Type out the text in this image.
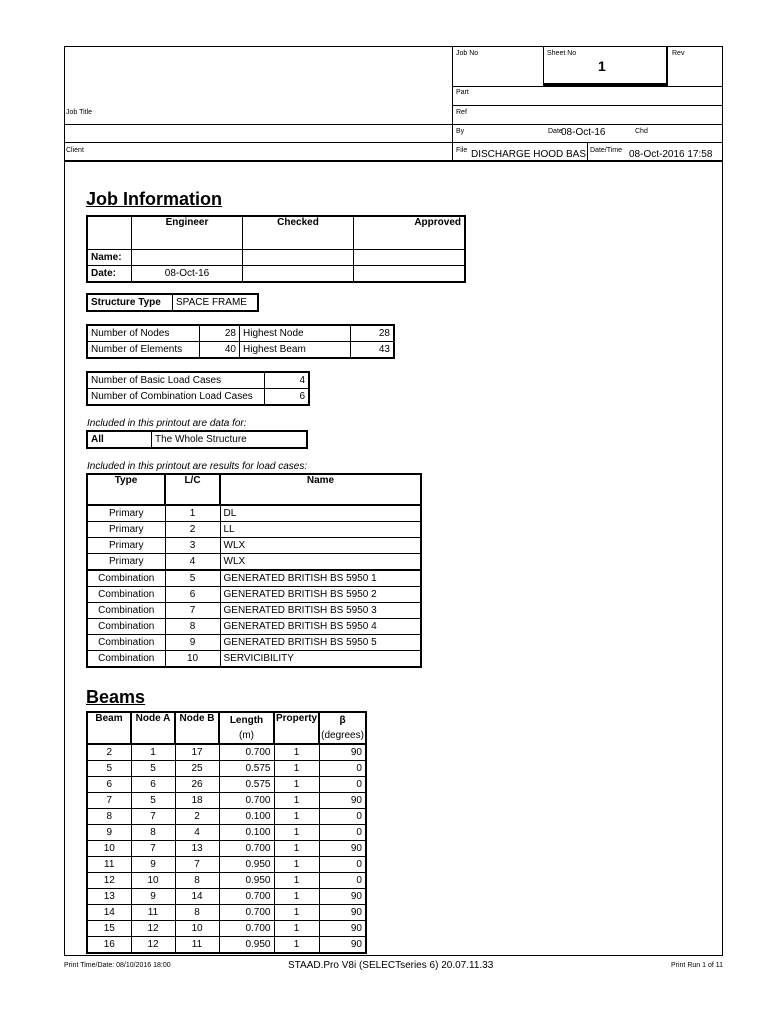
Job No	Sheet No
1
Rev
Part
Ref
Job Title
By	Date
08-Oct-16	Chd
Client	File DISCHARGE HOOD BAS Date/Time 08-Oct-2016 17:58
Job Information
	Engineer	Checked	Approved
Name:			
Date:	08-Oct-16		
Structure Type	SPACE FRAME
Number of Nodes	28	Highest Node	28
Number of Elements	40	Highest Beam	43
Number of Basic Load Cases	4
Number of Combination Load Cases	6
Included in this printout are data for:
All	The Whole Structure
Included in this printout are results for load cases:
Type	L/C	Name
Primary	1	DL
Primary	2	LL
Primary	3	WLX
Primary	4	WLX
Combination	5	GENERATED BRITISH BS 5950 1
Combination	6	GENERATED BRITISH BS 5950 2
Combination	7	GENERATED BRITISH BS 5950 3
Combination	8	GENERATED BRITISH BS 5950 4
Combination	9	GENERATED BRITISH BS 5950 5
Combination	10	SERVICIBILITY
Beams
Beam	Node A	Node B	Length	Property	β
			(m)		(degrees)
2	1	17	0.700	1	90
5	5	25	0.575	1	0
6	6	26	0.575	1	0
7	5	18	0.700	1	90
8	7	2	0.100	1	0
9	8	4	0.100	1	0
10	7	13	0.700	1	90
11	9	7	0.950	1	0
12	10	8	0.950	1	0
13	9	14	0.700	1	90
14	11	8	0.700	1	90
15	12	10	0.700	1	90
16	12	11	0.950	1	90
Print Time/Date: 08/10/2016 18:00	STAAD.Pro V8i (SELECTseries 6) 20.07.11.33	Print Run 1 of 11
